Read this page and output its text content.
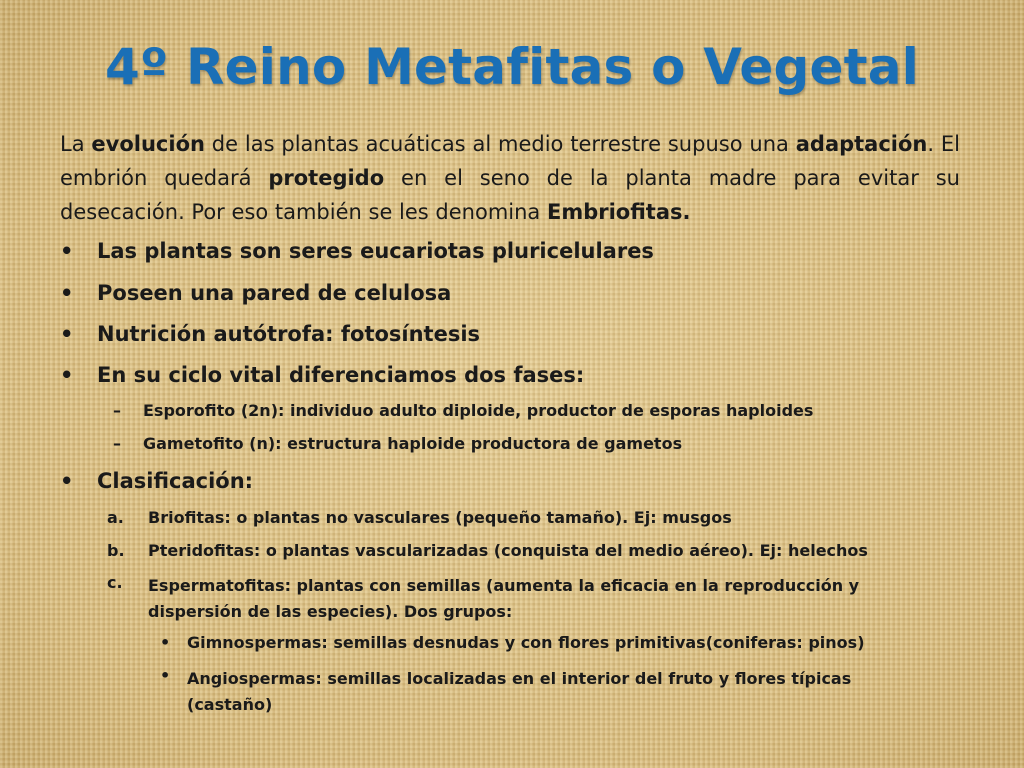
4º Reino Metafitas o Vegetal

La evolución de las plantas acuáticas al medio terrestre supuso una adaptación. El embrión quedará protegido en el seno de la planta madre para evitar su desecación. Por eso también se les denomina Embriofitas.

• Las plantas son seres eucariotas pluricelulares
• Poseen una pared de celulosa
• Nutrición autótrofa: fotosíntesis
• En su ciclo vital diferenciamos dos fases:
– Esporofito (2n): individuo adulto diploide, productor de esporas haploides
– Gametofito (n): estructura haploide productora de gametos
• Clasificación:
a. Briofitas: o plantas no vasculares (pequeño tamaño). Ej: musgos
b. Pteridofitas: o plantas vascularizadas (conquista del medio aéreo). Ej: helechos
c. Espermatofitas: plantas con semillas (aumenta la eficacia en la reproducción y dispersión de las especies). Dos grupos:
• Gimnospermas: semillas desnudas y con flores primitivas(coniferas: pinos)
• Angiospermas: semillas localizadas en el interior del fruto y flores típicas (castaño)
